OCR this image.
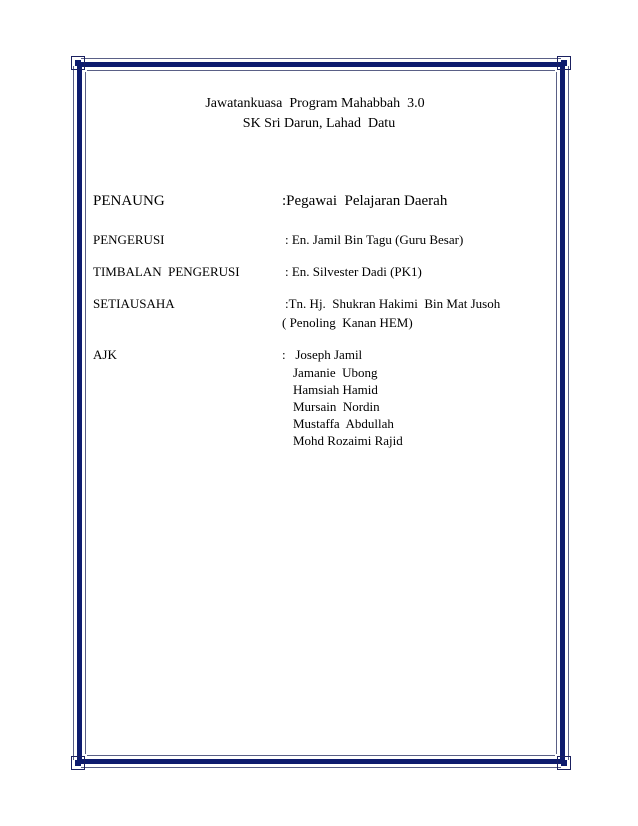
Jawatankuasa  Program Mahabbah  3.0
SK Sri Darun, Lahad  Datu
PENAUNG	:Pegawai  Pelajaran Daerah
PENGERUSI	: En. Jamil Bin Tagu (Guru Besar)
TIMBALAN  PENGERUSI	: En. Silvester Dadi (PK1)
SETIAUSAHA	:Tn. Hj.  Shukran Hakimi  Bin Mat Jusoh
( Penoling  Kanan HEM)
AJK	:   Joseph Jamil
Jamanie  Ubong
Hamsiah Hamid
Mursain  Nordin
Mustaffa  Abdullah
Mohd Rozaimi Rajid
